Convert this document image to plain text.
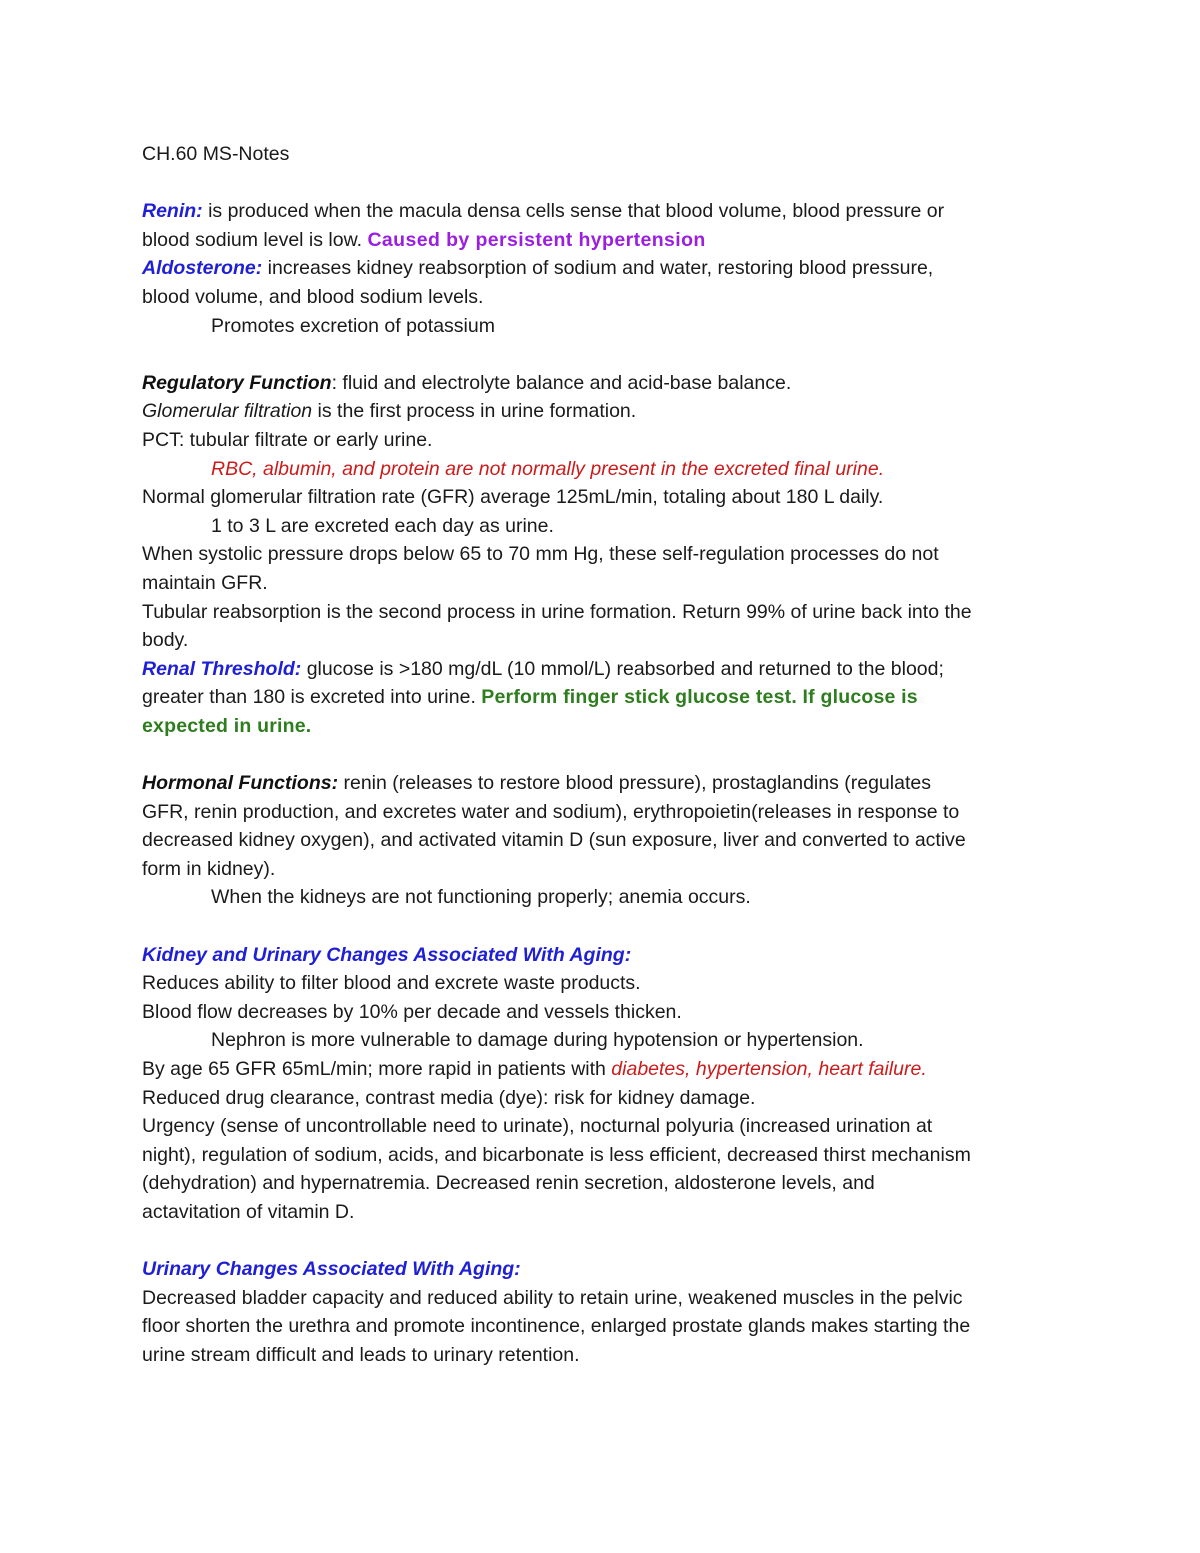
CH.60 MS-Notes

Renin: is produced when the macula densa cells sense that blood volume, blood pressure or

blood sodium level is low. Caused by persistent hypertension

Aldosterone: increases kidney reabsorption of sodium and water, restoring blood pressure,

blood volume, and blood sodium levels.

Promotes excretion of potassium

Regulatory Function: fluid and electrolyte balance and acid-base balance.

Glomerular filtration is the first process in urine formation.

PCT: tubular filtrate or early urine.

RBC, albumin, and protein are not normally present in the excreted final urine.

Normal glomerular filtration rate (GFR) average 125mL/min, totaling about 180 L daily.

1 to 3 L are excreted each day as urine.

When systolic pressure drops below 65 to 70 mm Hg, these self-regulation processes do not

maintain GFR.

Tubular reabsorption is the second process in urine formation. Return 99% of urine back into the

body.

Renal Threshold: glucose is >180 mg/dL (10 mmol/L) reabsorbed and returned to the blood;

greater than 180 is excreted into urine. Perform finger stick glucose test. If glucose is

expected in urine.

Hormonal Functions: renin (releases to restore blood pressure), prostaglandins (regulates

GFR, renin production, and excretes water and sodium), erythropoietin(releases in response to

decreased kidney oxygen), and activated vitamin D (sun exposure, liver and converted to active

form in kidney).

When the kidneys are not functioning properly; anemia occurs.

Kidney and Urinary Changes Associated With Aging:

Reduces ability to filter blood and excrete waste products.

Blood flow decreases by 10% per decade and vessels thicken.

Nephron is more vulnerable to damage during hypotension or hypertension.

By age 65 GFR 65mL/min; more rapid in patients with diabetes, hypertension, heart failure.

Reduced drug clearance, contrast media (dye): risk for kidney damage.

Urgency (sense of uncontrollable need to urinate), nocturnal polyuria (increased urination at

night), regulation of sodium, acids, and bicarbonate is less efficient, decreased thirst mechanism

(dehydration) and hypernatremia. Decreased renin secretion, aldosterone levels, and

actavitation of vitamin D.

Urinary Changes Associated With Aging:

Decreased bladder capacity and reduced ability to retain urine, weakened muscles in the pelvic

floor shorten the urethra and promote incontinence, enlarged prostate glands makes starting the

urine stream difficult and leads to urinary retention.
